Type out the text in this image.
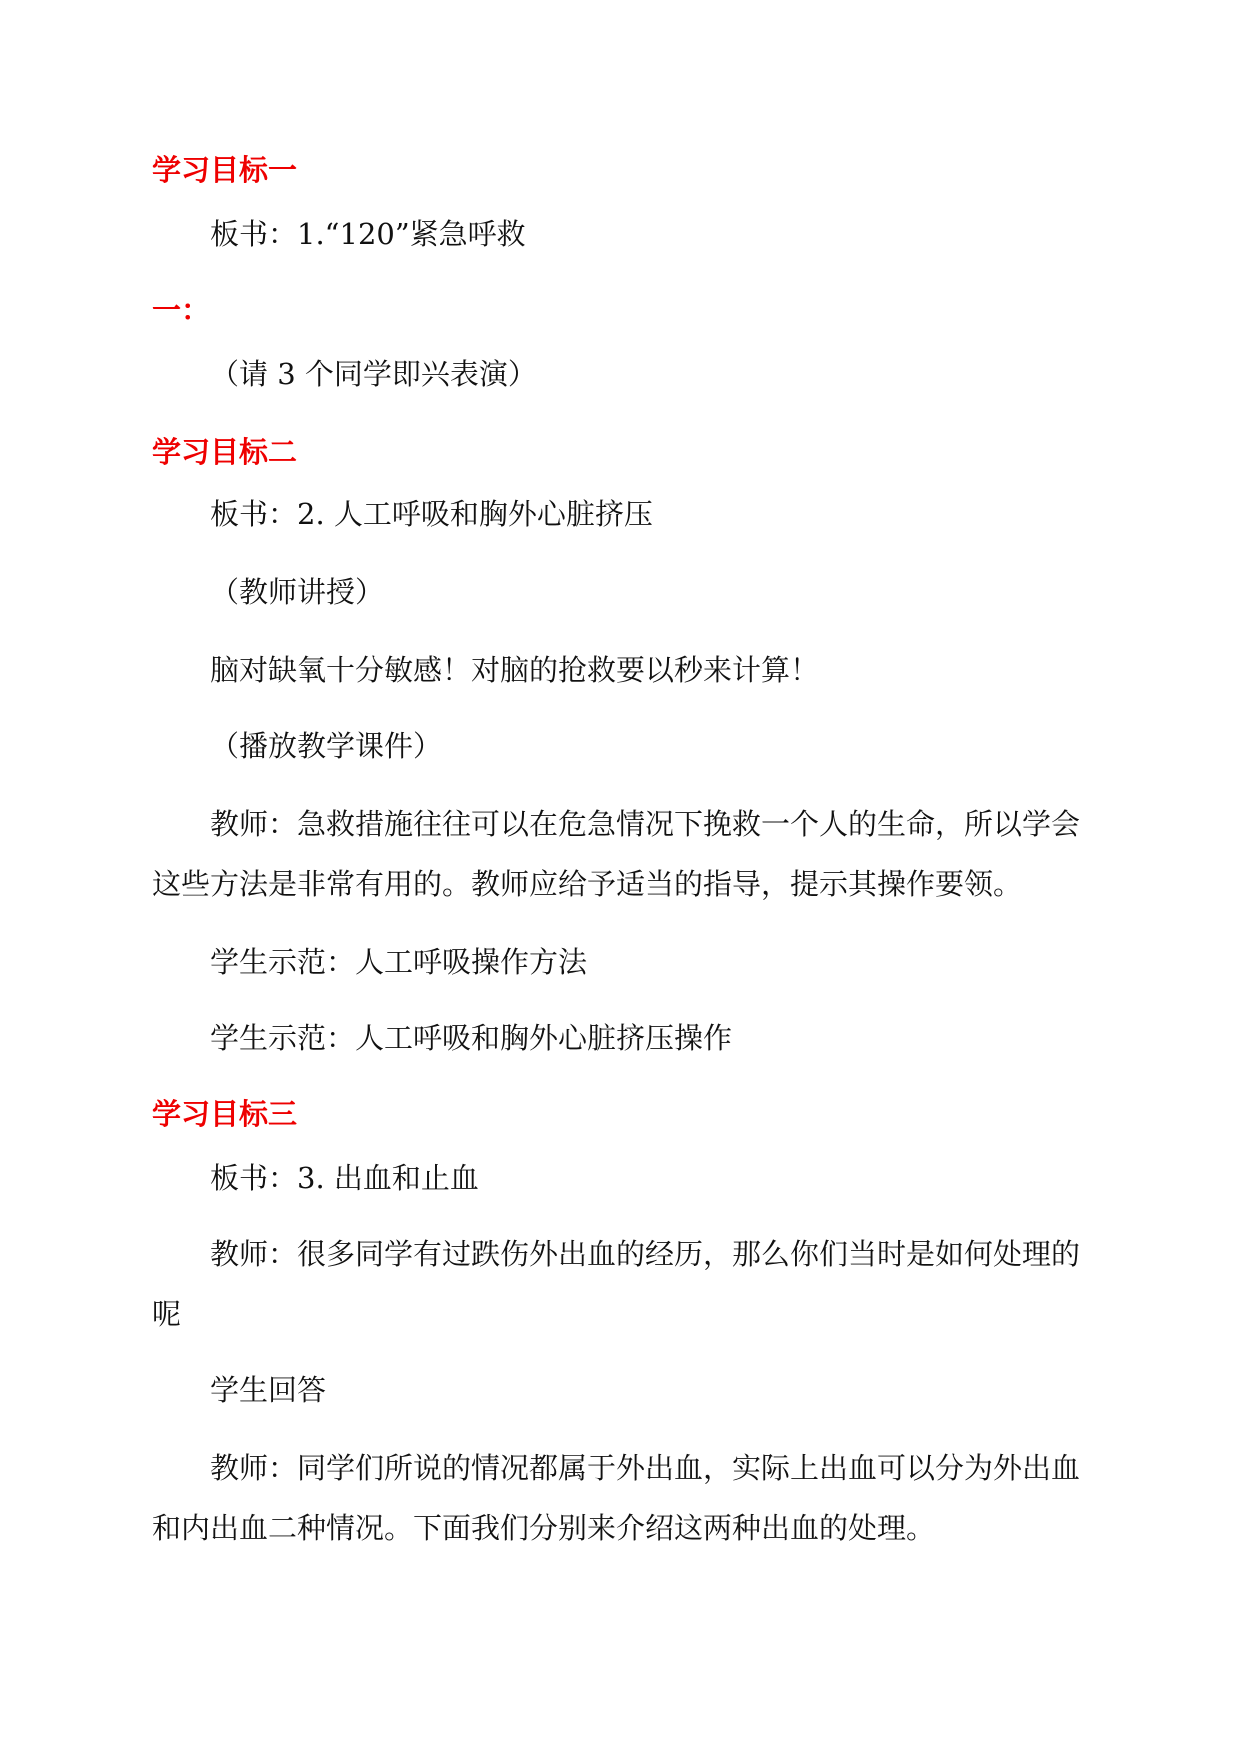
学习目标一
板书：1.“120”紧急呼救
一：
（请 3 个同学即兴表演）
学习目标二
板书：2. 人工呼吸和胸外心脏挤压
（教师讲授）
脑对缺氧十分敏感！对脑的抢救要以秒来计算！
（播放教学课件）
教师：急救措施往往可以在危急情况下挽救一个人的生命，所以学会
这些方法是非常有用的。教师应给予适当的指导，提示其操作要领。
学生示范：人工呼吸操作方法
学生示范：人工呼吸和胸外心脏挤压操作
学习目标三
板书：3. 出血和止血
教师：很多同学有过跌伤外出血的经历，那么你们当时是如何处理的
呢
学生回答
教师：同学们所说的情况都属于外出血，实际上出血可以分为外出血
和内出血二种情况。下面我们分别来介绍这两种出血的处理。
